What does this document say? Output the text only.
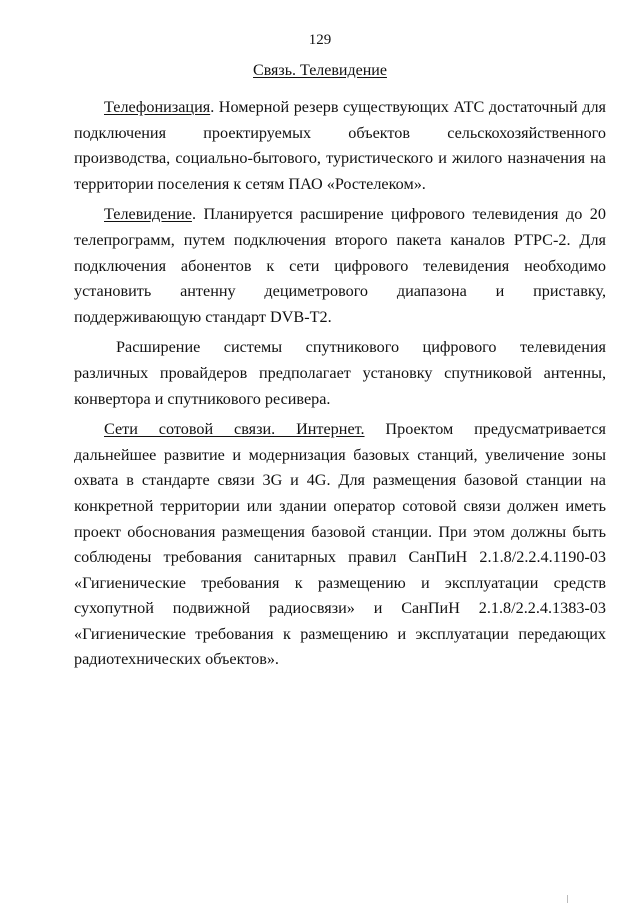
129
Связь. Телевидение

Телефонизация. Номерной резерв существующих АТС достаточный для подключения проектируемых объектов сельскохозяйственного производства, социально-бытового, туристического и жилого назначения на территории поселения к сетям ПАО «Ростелеком».

Телевидение. Планируется расширение цифрового телевидения до 20 телепрограмм, путем подключения второго пакета каналов РТРС-2. Для подключения абонентов к сети цифрового телевидения необходимо установить антенну дециметрового диапазона и приставку, поддерживающую стандарт DVB-Т2.

Расширение системы спутникового цифрового телевидения различных провайдеров предполагает установку спутниковой антенны, конвертора и спутникового ресивера.

Сети сотовой связи. Интернет. Проектом предусматривается дальнейшее развитие и модернизация базовых станций, увеличение зоны охвата в стандарте связи 3G и 4G. Для размещения базовой станции на конкретной территории или здании оператор сотовой связи должен иметь проект обоснования размещения базовой станции. При этом должны быть соблюдены требования санитарных правил СанПиН 2.1.8/2.2.4.1190-03 «Гигиенические требования к размещению и эксплуатации средств сухопутной подвижной радиосвязи» и СанПиН 2.1.8/2.2.4.1383-03 «Гигиенические требования к размещению и эксплуатации передающих радиотехнических объектов».
